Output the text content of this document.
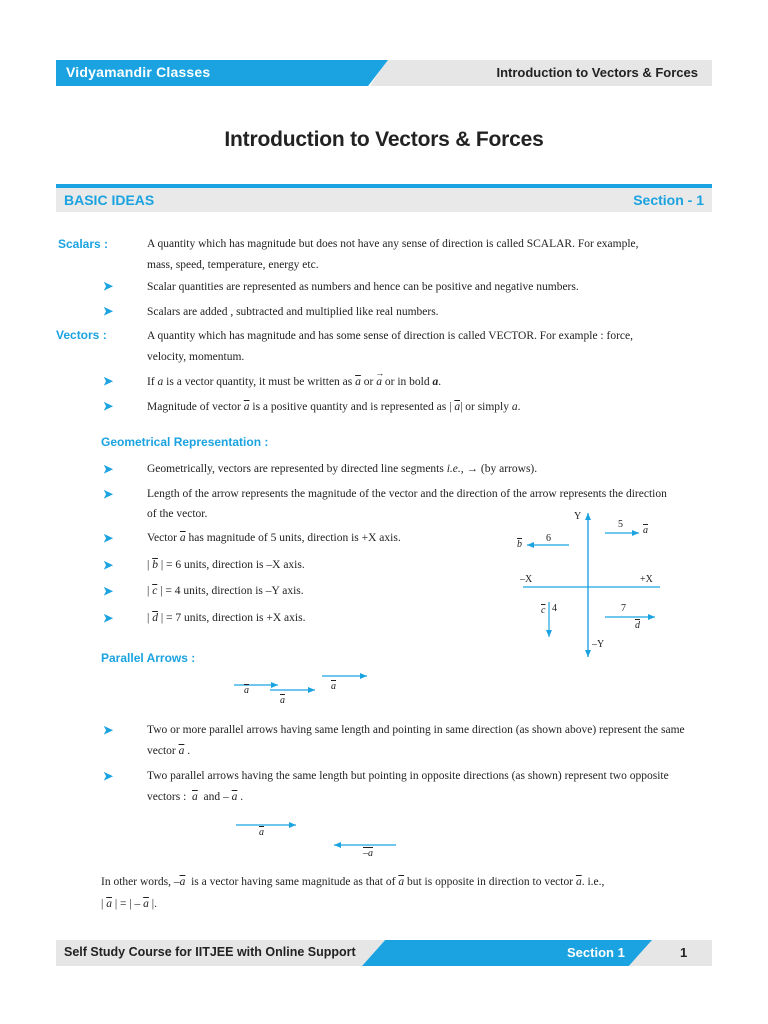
Vidyamandir Classes	Introduction to Vectors & Forces
Introduction to Vectors & Forces
BASIC IDEAS	Section - 1
Scalars :	A quantity which has magnitude but does not have any sense of direction is called SCALAR. For example,
mass, speed, temperature, energy etc.
➤	Scalar quantities are represented as numbers and hence can be positive and negative numbers.
➤	Scalars are added , subtracted and multiplied like real numbers.
Vectors :	A quantity which has magnitude and has some sense of direction is called VECTOR. For example : force,
velocity, momentum.
➤	If a is a vector quantity, it must be written as $\overline{a}$ or a
→
or in bold a.
➤	Magnitude of vector $\overline{a}$ is a positive quantity and is represented as | $\overline{a}|$ or simply a.
Geometrical Representation :
➤	Geometrically, vectors are represented by directed line segments i.e., → (by arrows).
➤	Length of the arrow represents the magnitude of the vector and the direction of the arrow represents the direction
of the vector.
➤	Vector $\overline{a}$ has magnitude of 5 units, direction is +X axis.
➤	| $\overline{b}$ | = 6 units, direction is –X axis.
➤	| $\overline{c}$ | = 4 units, direction is –Y axis.
➤	| $\overline{d}$ | = 7 units, direction is +X axis.
Y
–Y
–X	+X
5
$\overline{a}$
6
$\overline{b}$
4
$\overline{c}$	7
$\overline{d}$
Parallel Arrows :
$\overline{a}$
$\overline{a}$
$\overline{a}$
➤	Two or more parallel arrows having same length and pointing in same direction (as shown above) represent the same
vector $\overline{a}$ .
➤	Two parallel arrows having the same length but pointing in opposite directions (as shown) represent two opposite
vectors : $\overline{a}$ and – $\overline{a}$ .
$\overline{a}$
–a
In other words, $-\overline{a}$ is a vector having same magnitude as that of $\overline{a}$ but is opposite in direction to vector $\overline{a}$. i.e.,
| $\overline{a}$ | = | – $\overline{a}$ |.
Self Study Course for IITJEE with Online Support	Section 1	1
